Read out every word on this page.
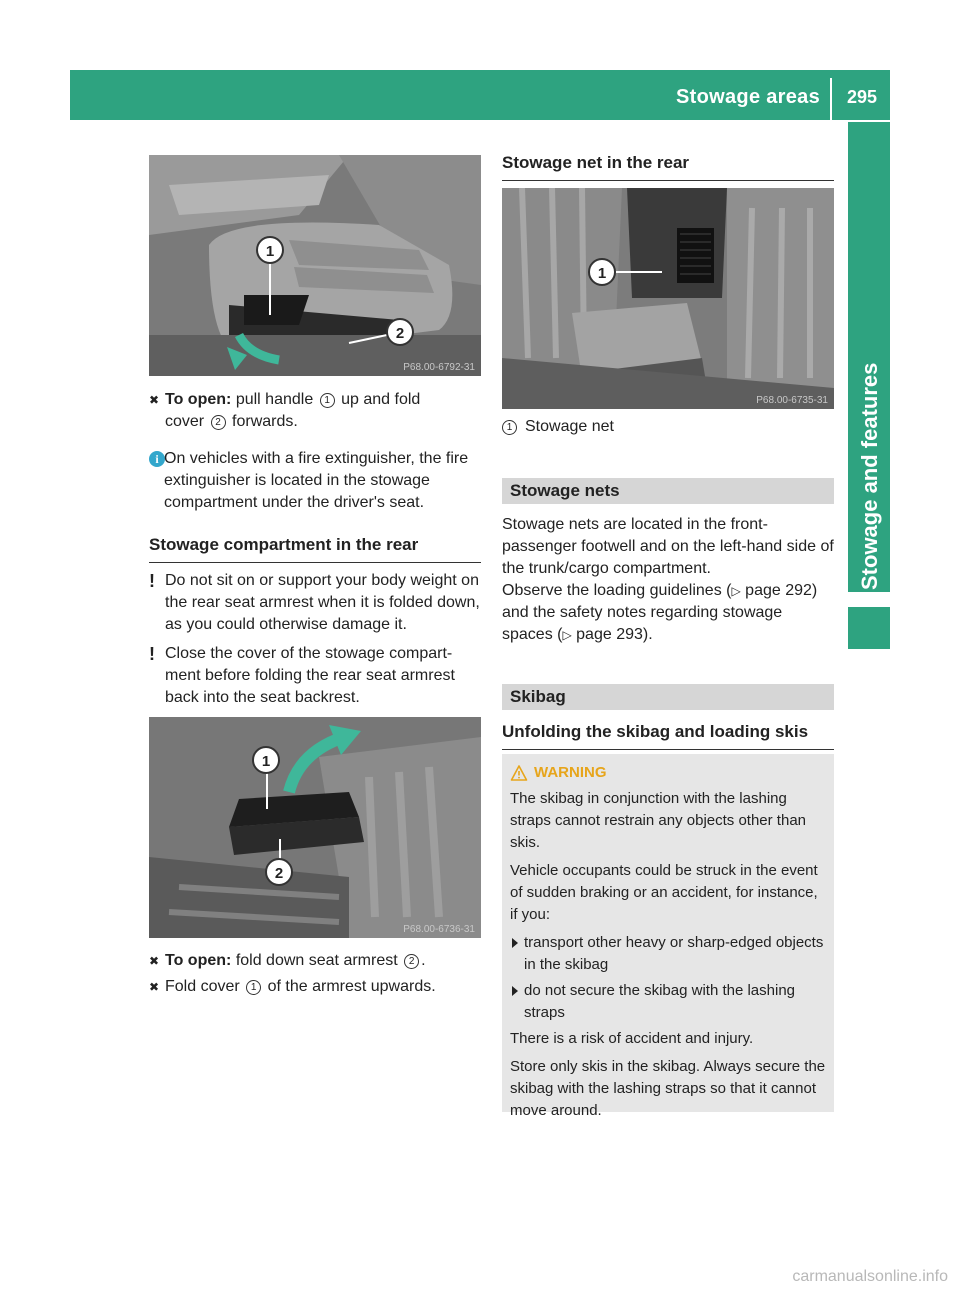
Stowage areas	295
Stowage and features
1
2
P68.00-6792-31
✖ To open: pull handle 1 up and fold
cover 2 forwards.
i On vehicles with a fire extinguisher, the fire extinguisher is located in the stowage compartment under the driver's seat.
Stowage compartment in the rear
! Do not sit on or support your body weight on the rear seat armrest when it is folded down, as you could otherwise damage it.
! Close the cover of the stowage compartment before folding the rear seat armrest back into the seat backrest.
1
2
P68.00-6736-31
✖ To open: fold down seat armrest 2 .
✖ Fold cover 1 of the armrest upwards.
Stowage net in the rear
1
P68.00-6735-31
1 Stowage net
Stowage nets
Stowage nets are located in the front-passenger footwell and on the left-hand side of the trunk/cargo compartment.
Observe the loading guidelines (▷ page 292) and the safety notes regarding stowage spaces (▷ page 293).
Skibag
Unfolding the skibag and loading skis
WARNING
The skibag in conjunction with the lashing straps cannot restrain any objects other than skis.
Vehicle occupants could be struck in the event of sudden braking or an accident, for instance, if you:
transport other heavy or sharp-edged objects in the skibag
do not secure the skibag with the lashing straps
There is a risk of accident and injury.
Store only skis in the skibag. Always secure the skibag with the lashing straps so that it cannot move around.
carmanualsonline.info
